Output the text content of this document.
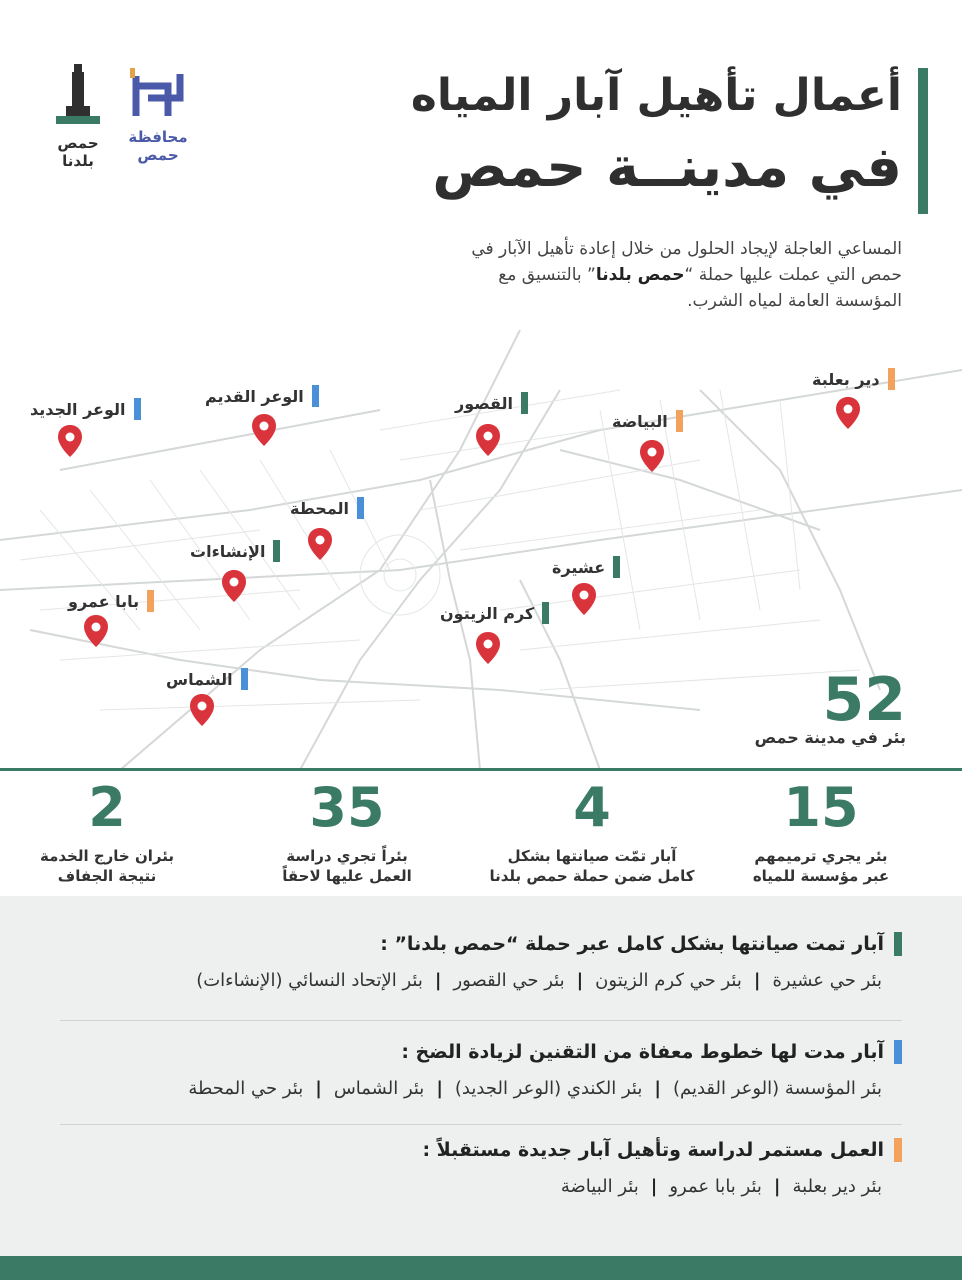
حمص بلدنا
محافظة حمص
أعمال تأهيل آبار المياه
في مدينــة حمص
المساعي العاجلة لإيجاد الحلول من خلال إعادة تأهيل الآبار في حمص التي عملت عليها حملة “حمص بلدنا” بالتنسيق مع المؤسسة العامة لمياه الشرب.
الوعر الجديد
الوعر القديم	القصور
دير بعلبة
البياضة
المحطة
الإنشاءات
عشيرة
بابا عمرو
كرم الزيتون
الشماس	52
بئر في مدينة حمص
15
بئر يجري ترميمهم
عبر مؤسسة للمياه
4
آبار تمّت صيانتها بشكل
كامل ضمن حملة حمص بلدنا
35
بئراً تجري دراسة
العمل عليها لاحقاً
2
بئران خارج الخدمة
نتيجة الجفاف
آبار تمت صيانتها بشكل كامل عبر حملة “حمص بلدنا” :
بئر حي عشيرة|بئر حي كرم الزيتون|بئر حي القصور|بئر الإتحاد النسائي (الإنشاءات)
آبار مدت لها خطوط معفاة من التقنين لزيادة الضخ :
بئر المؤسسة (الوعر القديم)|بئر الكندي (الوعر الجديد)|بئر الشماس|بئر حي المحطة
العمل مستمر لدراسة وتأهيل آبار جديدة مستقبلاً :
بئر دير بعلبة|بئر بابا عمرو|بئر البياضة
